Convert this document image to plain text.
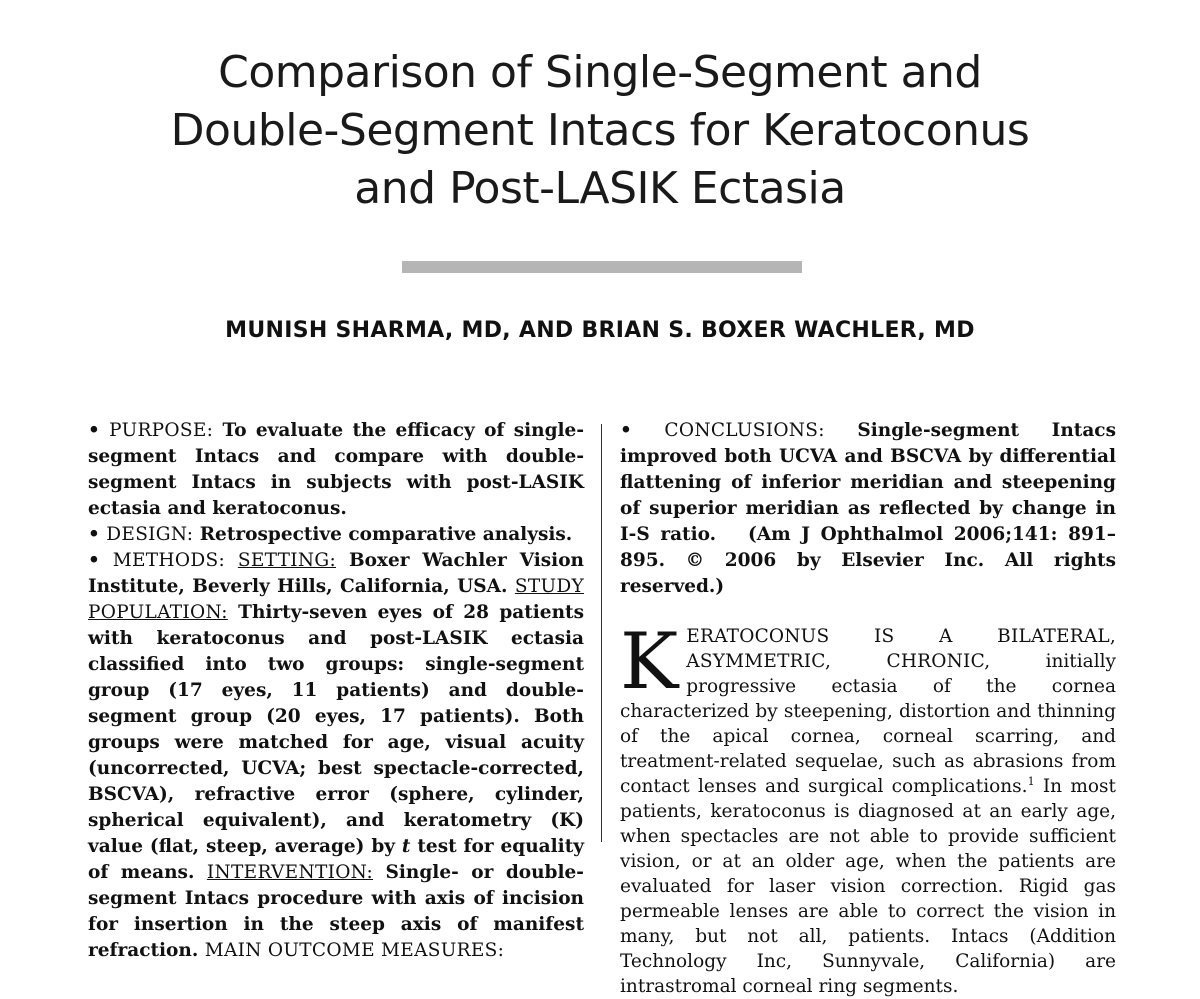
Comparison of Single-Segment and
Double-Segment Intacs for Keratoconus
and Post-LASIK Ectasia
MUNISH SHARMA, MD, AND BRIAN S. BOXER WACHLER, MD

• PURPOSE: To evaluate the efficacy of single-segment Intacs and compare with double-segment Intacs in subjects with post-LASIK ectasia and keratoconus.

• DESIGN: Retrospective comparative analysis.

• METHODS: SETTING: Boxer Wachler Vision Institute, Beverly Hills, California, USA. STUDY POPULATION: Thirty-seven eyes of 28 patients with keratoconus and post-LASIK ectasia classified into two groups: single-segment group (17 eyes, 11 patients) and double-segment group (20 eyes, 17 patients). Both groups were matched for age, visual acuity (uncorrected, UCVA; best spectacle-corrected, BSCVA), refractive error (sphere, cylinder, spherical equivalent), and keratometry (K) value (flat, steep, average) by t test for equality of means. INTERVENTION: Single- or double-segment Intacs procedure with axis of incision for insertion in the steep axis of manifest refraction. MAIN OUTCOME MEASURES:

• CONCLUSIONS: Single-segment Intacs improved both UCVA and BSCVA by differential flattening of inferior meridian and steepening of superior meridian as reflected by change in I-S ratio. (Am J Ophthalmol 2006;141: 891–895. © 2006 by Elsevier Inc. All rights reserved.)

KERATOCONUS IS A BILATERAL, ASYMMETRIC, CHRONIC,	initially progressive ectasia of the cornea characterized by steepening, distortion and thinning of the apical cornea, corneal scarring, and treatment-related sequelae, such as abrasions from contact lenses and surgical complications.$^1$ In most patients, keratoconus is diagnosed at an early age, when spectacles are not able to provide sufficient vision, or at an older age, when the patients are evaluated for laser vision correction. Rigid gas permeable lenses are able to correct the vision in many, but not all, patients. Intacs (Addition Technology Inc, Sunnyvale, California) are intrastromal corneal ring segments.
